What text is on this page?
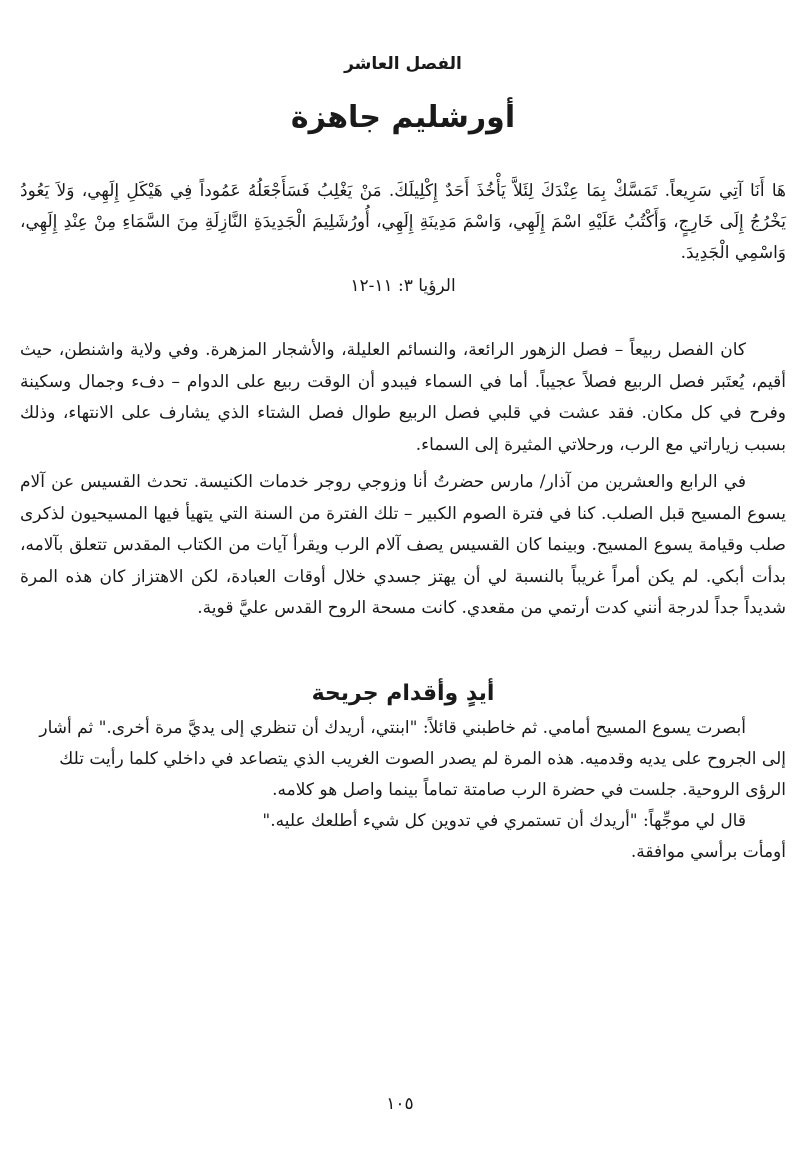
الفصل العاشر
أورشليم جاهزة

هَا أَنَا آتِي سَرِيعاً. تَمَسَّكْ بِمَا عِنْدَكَ لِئَلاَّ يَأْخُذَ أَحَدٌ إِكْلِيلَكَ. مَنْ يَغْلِبُ فَسَأَجْعَلُهُ عَمُوداً فِي هَيْكَلِ إِلَهِي، وَلاَ يَعُودُ يَخْرُجُ إِلَى خَارِجٍ، وَأَكْتُبُ عَلَيْهِ اسْمَ إِلَهِي، وَاسْمَ مَدِينَةِ إِلَهِي، أُورُشَلِيمَ الْجَدِيدَةِ النَّازِلَةِ مِنَ السَّمَاءِ مِنْ عِنْدِ إِلَهِي، وَاسْمِي الْجَدِيدَ.

الرؤيا ٣: ١١-١٢

كان الفصل ربيعاً – فصل الزهور الرائعة، والنسائم العليلة، والأشجار المزهرة. وفي ولاية واشنطن، حيث أقيم، يُعتَبر فصل الربيع فصلاً عجيباً. أما في السماء فيبدو أن الوقت ربيع على الدوام – دفء وجمال وسكينة وفرح في كل مكان. فقد عشت في قلبي فصل الربيع طوال فصل الشتاء الذي يشارف على الانتهاء، وذلك بسبب زياراتي مع الرب، ورحلاتي المثيرة إلى السماء.

في الرابع والعشرين من آذار/ مارس حضرتُ أنا وزوجي روجر خدمات الكنيسة. تحدث القسيس عن آلام يسوع المسيح قبل الصلب. كنا في فترة الصوم الكبير – تلك الفترة من السنة التي يتهيأ فيها المسيحيون لذكرى صلب وقيامة يسوع المسيح. وبينما كان القسيس يصف آلام الرب ويقرأ آيات من الكتاب المقدس تتعلق بآلامه، بدأت أبكي. لم يكن أمراً غريباً بالنسبة لي أن يهتز جسدي خلال أوقات العبادة، لكن الاهتزاز كان هذه المرة شديداً جداً لدرجة أنني كدت أرتمي من مقعدي. كانت مسحة الروح القدس عليَّ قوية.

أيدٍ وأقدام جريحة

أبصرت يسوع المسيح أمامي. ثم خاطبني قائلاً: "ابنتي، أريدك أن تنظري إلى يديَّ مرة أخرى." ثم أشار إلى الجروح على يديه وقدميه. هذه المرة لم يصدر الصوت الغريب الذي يتصاعد في داخلي كلما رأيت تلك الرؤى الروحية. جلست في حضرة الرب صامتة تماماً بينما واصل هو كلامه.

قال لي موجِّهاً: "أريدك أن تستمري في تدوين كل شيء أطلعك عليه."

أومأت برأسي موافقة.

١٠٥
